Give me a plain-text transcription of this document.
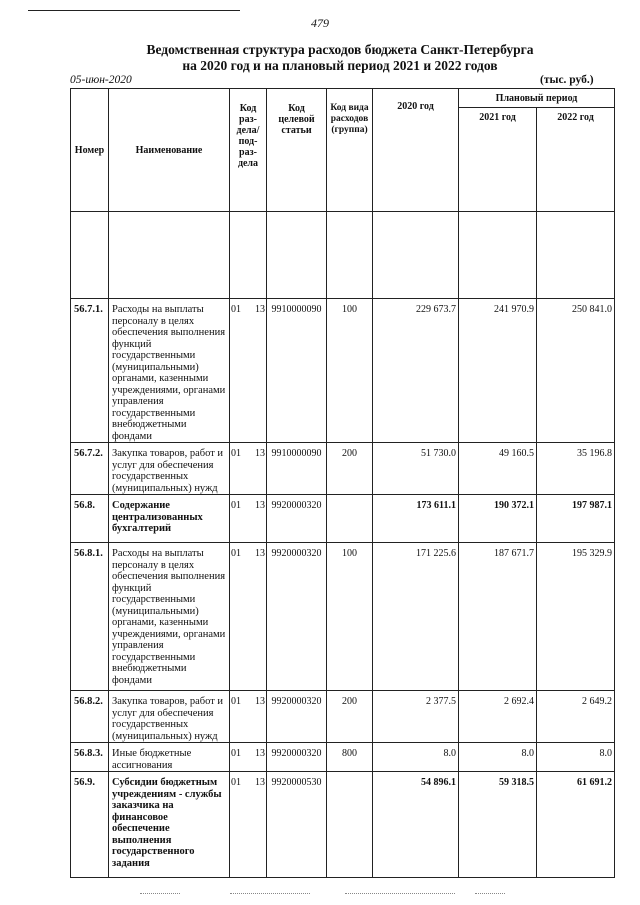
479
Ведомственная структура расходов бюджета Санкт-Петербурга
на 2020 год и на плановый период 2021 и 2022 годов
05-июн-2020	(тыс. руб.)
Номер	Наименование	Код раз- дела/ под- раз- дела	Код целевой статьи	Код вида расходов (группа)	2020 год	Плановый период	
						2021 год	2022 год

56.7.1.	Расходы на выплаты персоналу в целях обеспечения выполнения функций государственными (муниципальными) органами, казенными учреждениями, органами управления государственными внебюджетными фондами	01 13	9910000090	100	229 673.7	241 970.9	250 841.0
56.7.2.	Закупка товаров, работ и услуг для обеспечения государственных (муниципальных) нужд	01 13	9910000090	200	51 730.0	49 160.5	35 196.8
56.8.	Содержание централизованных бухгалтерий	01 13	9920000320		173 611.1	190 372.1	197 987.1
56.8.1.	Расходы на выплаты персоналу в целях обеспечения выполнения функций государственными (муниципальными) органами, казенными учреждениями, органами управления государственными внебюджетными фондами	01 13	9920000320	100	171 225.6	187 671.7	195 329.9
56.8.2.	Закупка товаров, работ и услуг для обеспечения государственных (муниципальных) нужд	01 13	9920000320	200	2 377.5	2 692.4	2 649.2
56.8.3.	Иные бюджетные ассигнования	01 13	9920000320	800	8.0	8.0	8.0
56.9.	Субсидии бюджетным учреждениям - службы заказчика на финансовое обеспечение выполнения государственного задания	01 13	9920000530		54 896.1	59 318.5	61 691.2
